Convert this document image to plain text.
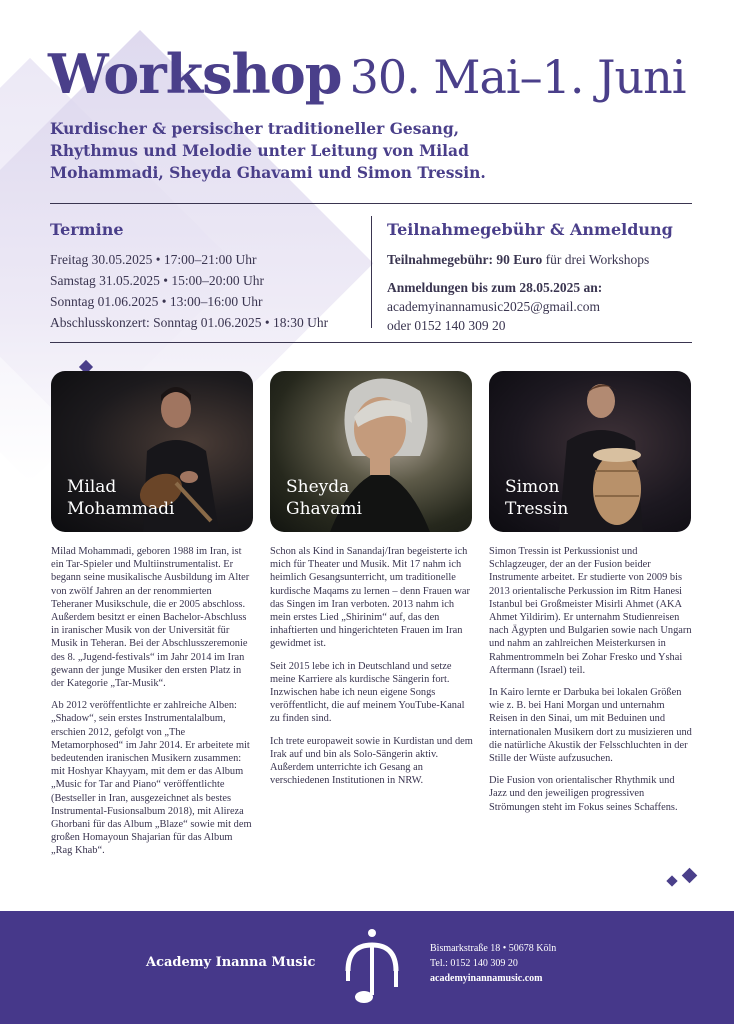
Workshop 30. Mai–1. Juni
Kurdischer & persischer traditioneller Gesang, Rhythmus und Melodie unter Leitung von Milad Mohammadi, Sheyda Ghavami und Simon Tressin.
Termine
Freitag 30.05.2025 • 17:00–21:00 Uhr
Samstag 31.05.2025 • 15:00–20:00 Uhr
Sonntag 01.06.2025 • 13:00–16:00 Uhr
Abschlusskonzert: Sonntag 01.06.2025 • 18:30 Uhr
Teilnahmegebühr & Anmeldung
Teilnahmegebühr: 90 Euro für drei Workshops
Anmeldungen bis zum 28.05.2025 an:
academyinannamusic2025@gmail.com
oder 0152 140 309 20
Milad
Mohammadi
Sheyda
Ghavami
Simon
Tressin

Milad Mohammadi, geboren 1988 im Iran, ist ein Tar-Spieler und Multiinstrumentalist. Er begann seine musikalische Ausbildung im Alter von zwölf Jahren an der renommierten Teheraner Musikschule, die er 2005 abschloss. Außerdem besitzt er einen Bachelor-Abschluss in iranischer Musik von der Universität für Musik in Teheran. Bei der Abschlusszeremonie des 8. „Jugend-festivals“ im Jahr 2014 im Iran gewann der junge Musiker den ersten Platz in der Kategorie „Tar-Musik“.

Ab 2012 veröffentlichte er zahlreiche Alben: „Shadow“, sein erstes Instrumentalalbum, erschien 2012, gefolgt von „The Metamorphosed“ im Jahr 2014. Er arbeitete mit bedeutenden iranischen Musikern zusammen: mit Hoshyar Khayyam, mit dem er das Album „Music for Tar and Piano“ veröffentlichte (Bestseller in Iran, ausgezeichnet als bestes Instrumental-Fusionsalbum 2018), mit Alireza Ghorbani für das Album „Blaze“ sowie mit dem großen Homayoun Shajarian für das Album „Rag Khab“.

Schon als Kind in Sanandaj/Iran begeisterte ich mich für Theater und Musik. Mit 17 nahm ich heimlich Gesangsunterricht, um traditionelle kurdische Maqams zu lernen – denn Frauen war das Singen im Iran verboten. 2013 nahm ich mein erstes Lied „Shirinim“ auf, das den inhaftierten und hingerichteten Frauen im Iran gewidmet ist.

Seit 2015 lebe ich in Deutschland und setze meine Karriere als kurdische Sängerin fort. Inzwischen habe ich neun eigene Songs veröffentlicht, die auf meinem YouTube-Kanal zu finden sind.

Ich trete europaweit sowie in Kurdistan und dem Irak auf und bin als Solo-Sängerin aktiv. Außerdem unterrichte ich Gesang an verschiedenen Institutionen in NRW.

Simon Tressin ist Perkussionist und Schlagzeuger, der an der Fusion beider Instrumente arbeitet. Er studierte von 2009 bis 2013 orientalische Perkussion im Ritm Hanesi Istanbul bei Großmeister Misirli Ahmet (AKA Ahmet Yildirim). Er unternahm Studienreisen nach Ägypten und Bulgarien sowie nach Ungarn und nahm an zahlreichen Meisterkursen in Rahmentrommeln bei Zohar Fresko und Yshai Aftermann (Israel) teil.

In Kairo lernte er Darbuka bei lokalen Größen wie z. B. bei Hani Morgan und unternahm Reisen in den Sinai, um mit Beduinen und internationalen Musikern dort zu musizieren und die natürliche Akustik der Felsschluchten in der Stille der Wüste aufzusuchen.

Die Fusion von orientalischer Rhythmik und Jazz und den jeweiligen progressiven Strömungen steht im Fokus seines Schaffens.

Academy Inanna Music
Bismarkstraße 18 • 50678 Köln
Tel.: 0152 140 309 20
academyinannamusic.com
